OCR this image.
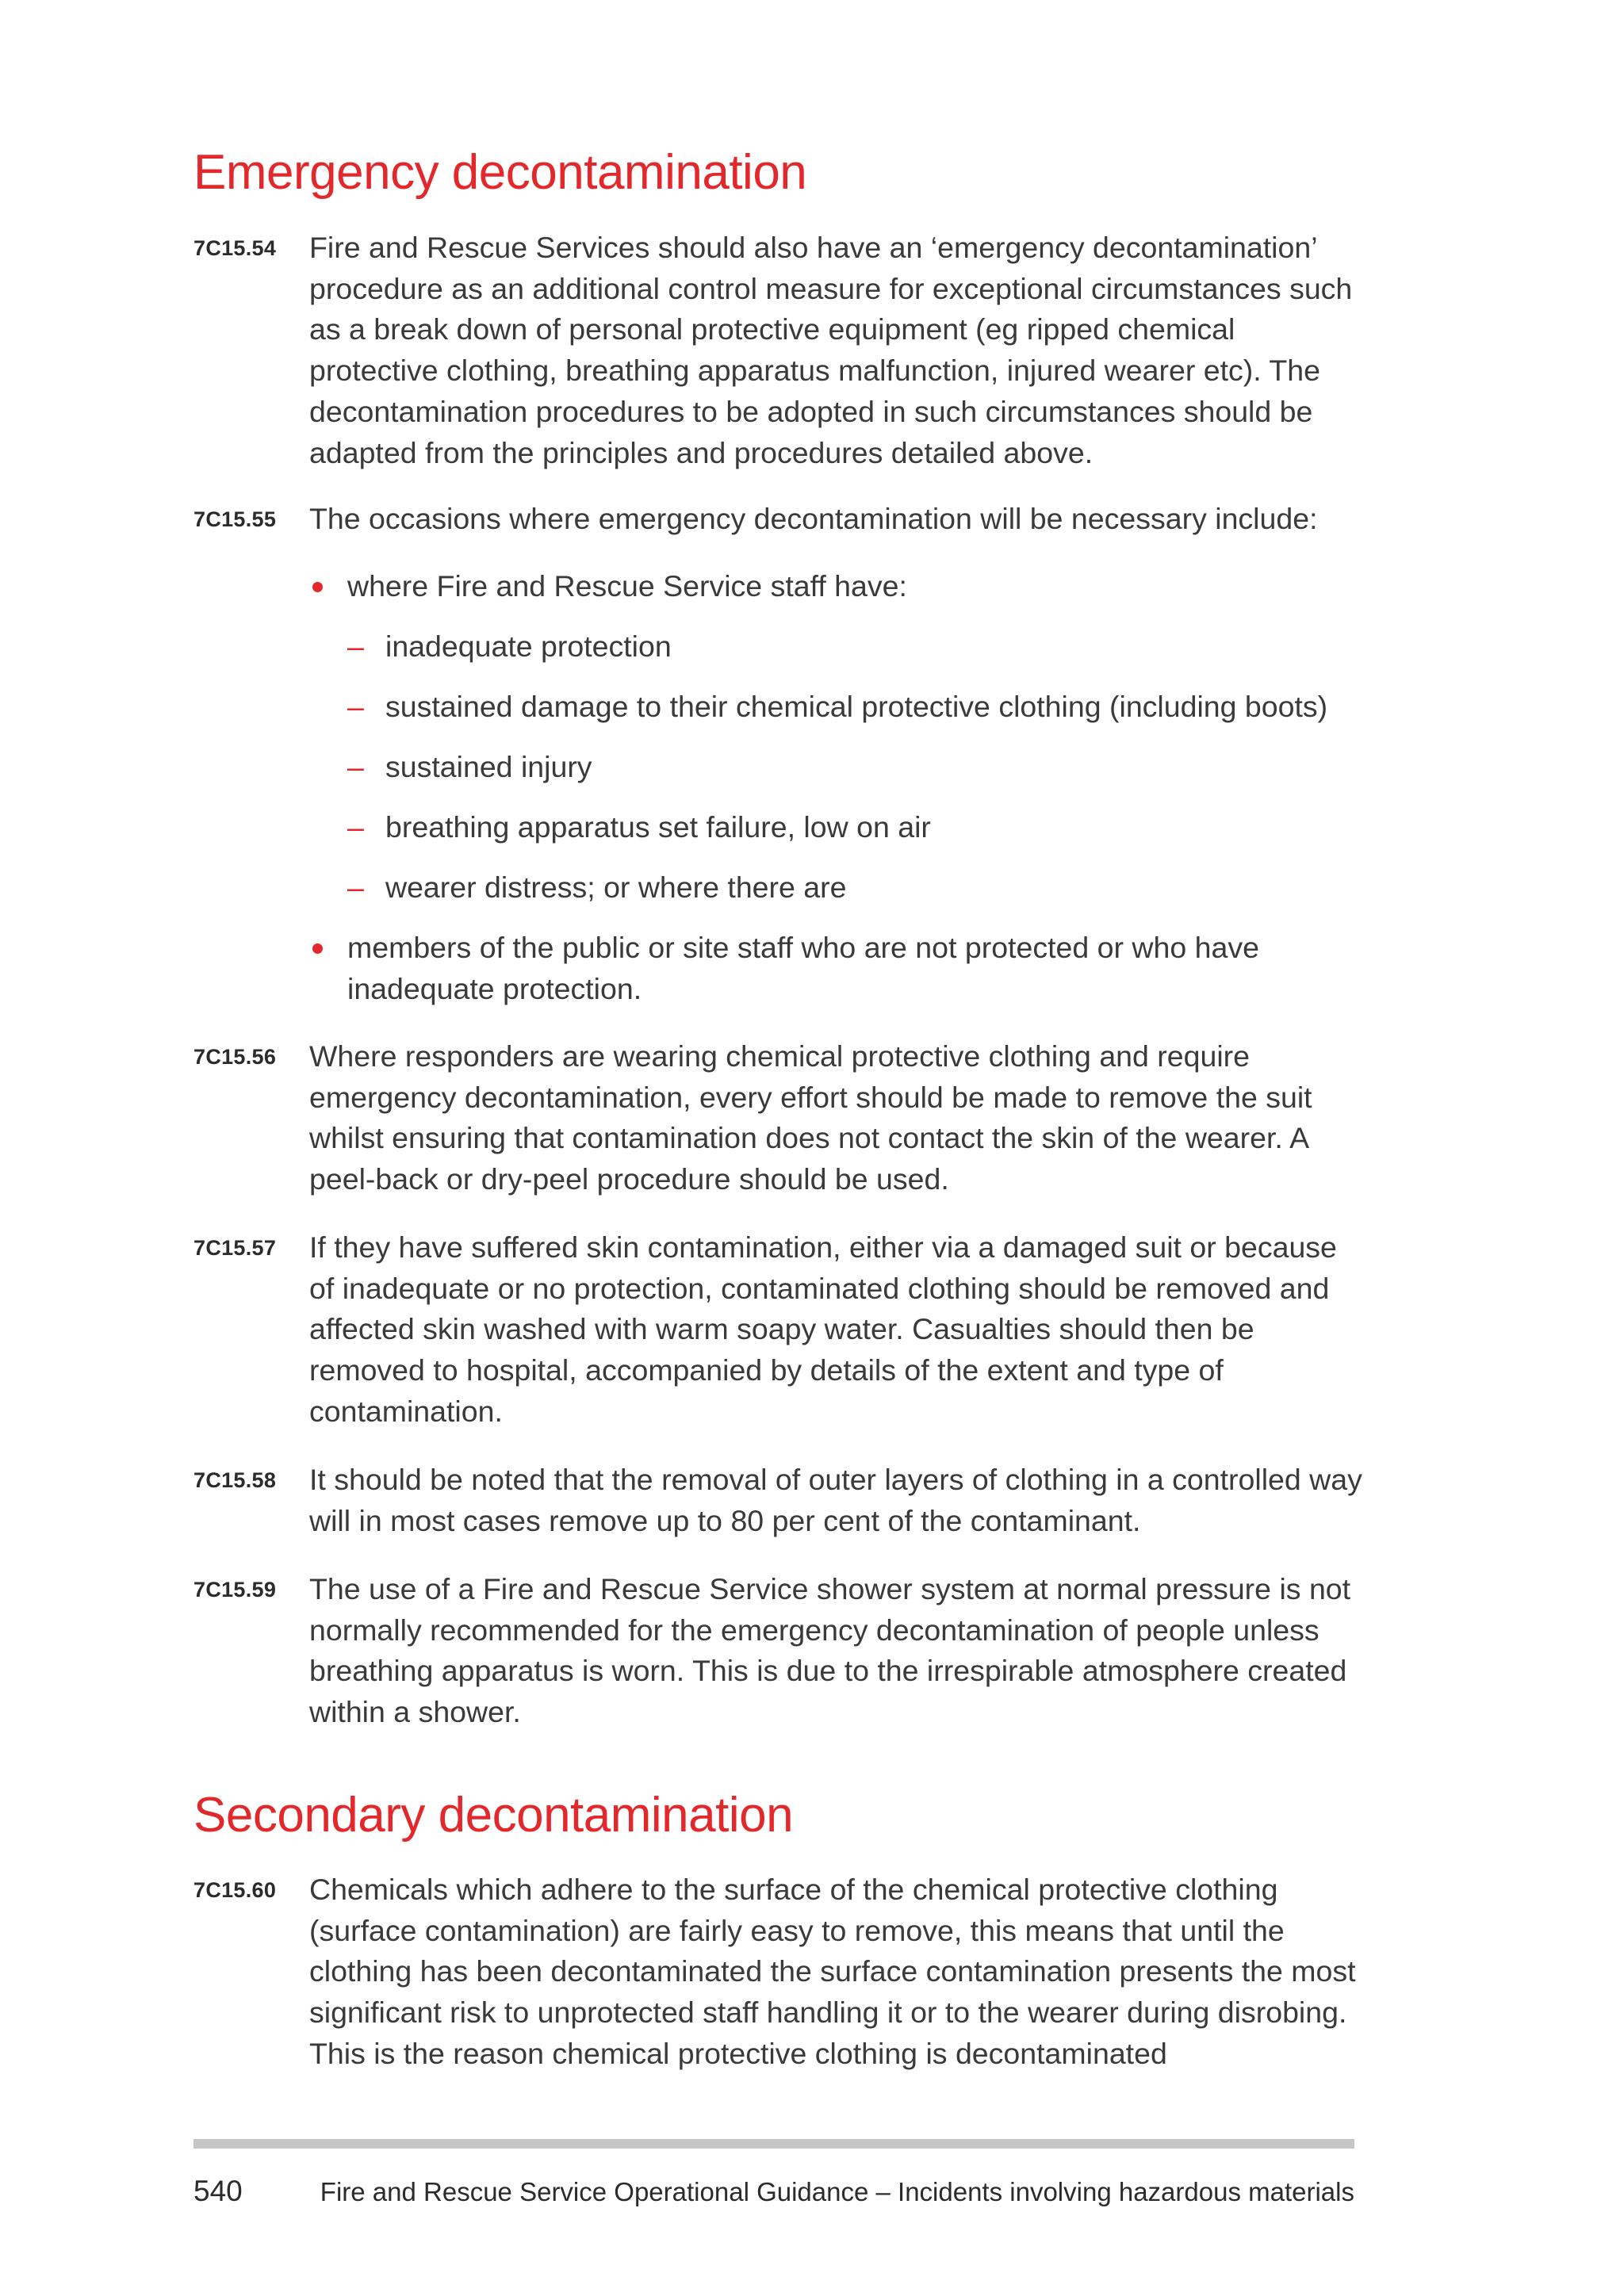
Emergency decontamination
7C15.54 Fire and Rescue Services should also have an ‘emergency decontamination’ procedure as an additional control measure for exceptional circumstances such as a break down of personal protective equipment (eg ripped chemical protective clothing, breathing apparatus malfunction, injured wearer etc). The decontamination procedures to be adopted in such circumstances should be adapted from the principles and procedures detailed above.
7C15.55 The occasions where emergency decontamination will be necessary include:
where Fire and Rescue Service staff have:
– inadequate protection
– sustained damage to their chemical protective clothing (including boots)
– sustained injury
– breathing apparatus set failure, low on air
– wearer distress; or where there are
members of the public or site staff who are not protected or who have inadequate protection.
7C15.56 Where responders are wearing chemical protective clothing and require emergency decontamination, every effort should be made to remove the suit whilst ensuring that contamination does not contact the skin of the wearer. A peel-back or dry-peel procedure should be used.
7C15.57 If they have suffered skin contamination, either via a damaged suit or because of inadequate or no protection, contaminated clothing should be removed and affected skin washed with warm soapy water. Casualties should then be removed to hospital, accompanied by details of the extent and type of contamination.
7C15.58 It should be noted that the removal of outer layers of clothing in a controlled way will in most cases remove up to 80 per cent of the contaminant.
7C15.59 The use of a Fire and Rescue Service shower system at normal pressure is not normally recommended for the emergency decontamination of people unless breathing apparatus is worn. This is due to the irrespirable atmosphere created within a shower.
Secondary decontamination
7C15.60 Chemicals which adhere to the surface of the chemical protective clothing (surface contamination) are fairly easy to remove, this means that until the clothing has been decontaminated the surface contamination presents the most significant risk to unprotected staff handling it or to the wearer during disrobing. This is the reason chemical protective clothing is decontaminated
540	Fire and Rescue Service Operational Guidance – Incidents involving hazardous materials
